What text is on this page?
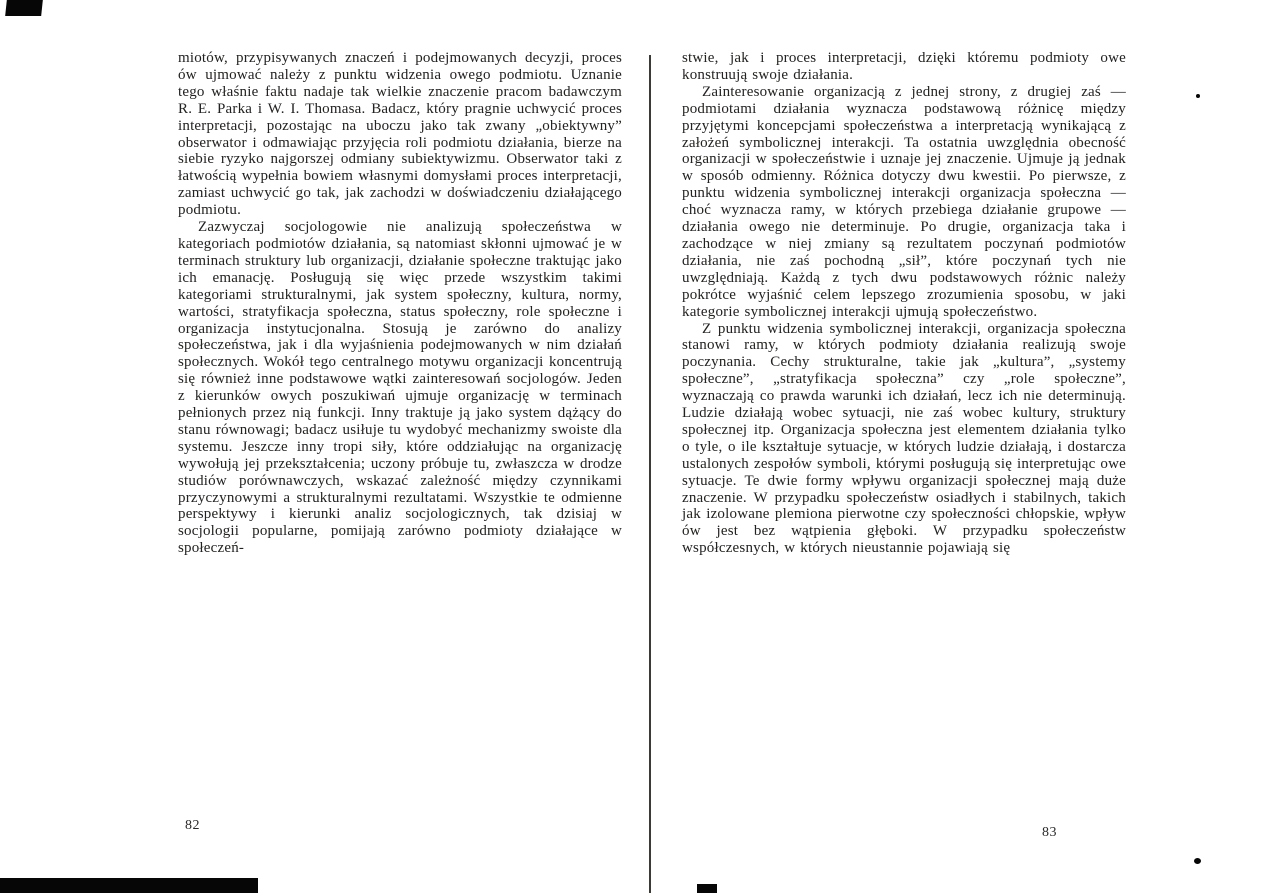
miotów, przypisywanych znaczeń i podejmowanych decyzji, proces ów ujmować należy z punktu widzenia owego podmiotu. Uznanie tego właśnie faktu nadaje tak wielkie znaczenie pracom badawczym R. E. Parka i W. I. Thomasa. Badacz, który pragnie uchwycić proces interpretacji, pozostając na uboczu jako tak zwany „obiektywny” obserwator i odmawiając przyjęcia roli podmiotu działania, bierze na siebie ryzyko najgorszej odmiany subiektywizmu. Obserwator taki z łatwością wypełnia bowiem własnymi domysłami proces interpretacji, zamiast uchwycić go tak, jak zachodzi w doświadczeniu działającego podmiotu.

Zazwyczaj socjologowie nie analizują społeczeństwa w kategoriach podmiotów działania, są natomiast skłonni ujmować je w terminach struktury lub organizacji, działanie społeczne traktując jako ich emanację. Posługują się więc przede wszystkim takimi kategoriami strukturalnymi, jak system społeczny, kultura, normy, wartości, stratyfikacja społeczna, status społeczny, role społeczne i organizacja instytucjonalna. Stosują je zarówno do analizy społeczeństwa, jak i dla wyjaśnienia podejmowanych w nim działań społecznych. Wokół tego centralnego motywu organizacji koncentrują się również inne podstawowe wątki zainteresowań socjologów. Jeden z kierunków owych poszukiwań ujmuje organizację w terminach pełnionych przez nią funkcji. Inny traktuje ją jako system dążący do stanu równowagi; badacz usiłuje tu wydobyć mechanizmy swoiste dla systemu. Jeszcze inny tropi siły, które oddziałując na organizację wywołują jej przekształcenia; uczony próbuje tu, zwłaszcza w drodze studiów porównawczych, wskazać zależność między czynnikami przyczynowymi a strukturalnymi rezultatami. Wszystkie te odmienne perspektywy i kierunki analiz socjologicznych, tak dzisiaj w socjologii popularne, pomijają zarówno podmioty działające w społeczeń-

stwie, jak i proces interpretacji, dzięki któremu podmioty owe konstruują swoje działania.

Zainteresowanie organizacją z jednej strony, z drugiej zaś — podmiotami działania wyznacza podstawową różnicę między przyjętymi koncepcjami społeczeństwa a interpretacją wynikającą z założeń symbolicznej interakcji. Ta ostatnia uwzględnia obecność organizacji w społeczeństwie i uznaje jej znaczenie. Ujmuje ją jednak w sposób odmienny. Różnica dotyczy dwu kwestii. Po pierwsze, z punktu widzenia symbolicznej interakcji organizacja społeczna — choć wyznacza ramy, w których przebiega działanie grupowe — działania owego nie determinuje. Po drugie, organizacja taka i zachodzące w niej zmiany są rezultatem poczynań podmiotów działania, nie zaś pochodną „sił”, które poczynań tych nie uwzględniają. Każdą z tych dwu podstawowych różnic należy pokrótce wyjaśnić celem lepszego zrozumienia sposobu, w jaki kategorie symbolicznej interakcji ujmują społeczeństwo.

Z punktu widzenia symbolicznej interakcji, organizacja społeczna stanowi ramy, w których podmioty działania realizują swoje poczynania. Cechy strukturalne, takie jak „kultura”, „systemy społeczne”, „stratyfikacja społeczna” czy „role społeczne”, wyznaczają co prawda warunki ich działań, lecz ich nie determinują. Ludzie działają wobec sytuacji, nie zaś wobec kultury, struktury społecznej itp. Organizacja społeczna jest elementem działania tylko o tyle, o ile kształtuje sytuacje, w których ludzie działają, i dostarcza ustalonych zespołów symboli, którymi posługują się interpretując owe sytuacje. Te dwie formy wpływu organizacji społecznej mają duże znaczenie. W przypadku społeczeństw osiadłych i stabilnych, takich jak izolowane plemiona pierwotne czy społeczności chłopskie, wpływ ów jest bez wątpienia głęboki. W przypadku społeczeństw współczesnych, w których nieustannie pojawiają się

82	83
